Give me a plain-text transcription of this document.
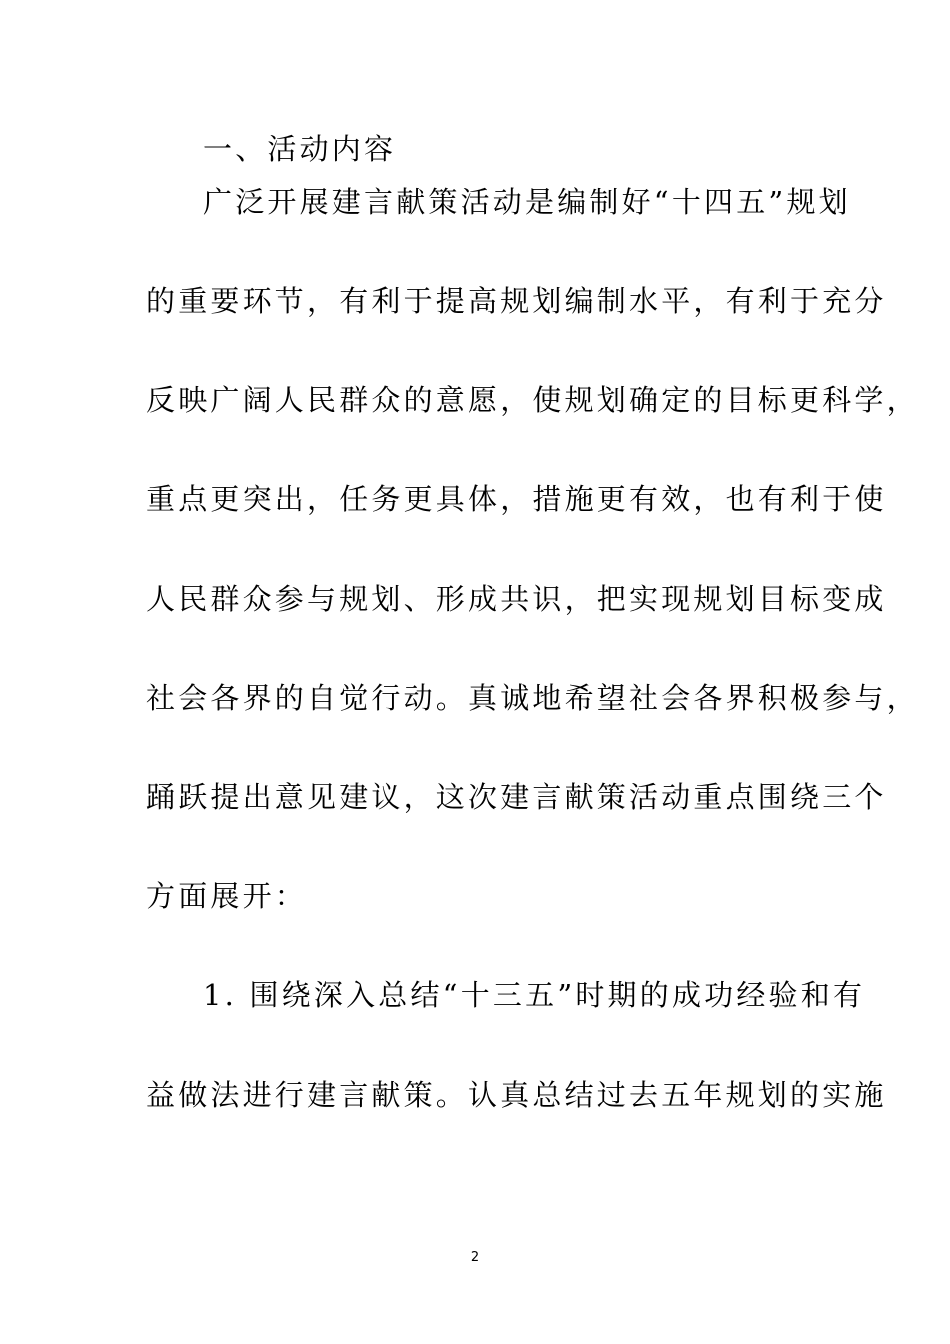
一、活动内容
广泛开展建言献策活动是编制好“十四五”规划
的重要环节，有利于提高规划编制水平，有利于充分
反映广阔人民群众的意愿，使规划确定的目标更科学，
重点更突出，任务更具体，措施更有效，也有利于使
人民群众参与规划、形成共识，把实现规划目标变成
社会各界的自觉行动。真诚地希望社会各界积极参与，
踊跃提出意见建议，这次建言献策活动重点围绕三个
方面展开：
1. 围绕深入总结“十三五”时期的成功经验和有
益做法进行建言献策。认真总结过去五年规划的实施
2
